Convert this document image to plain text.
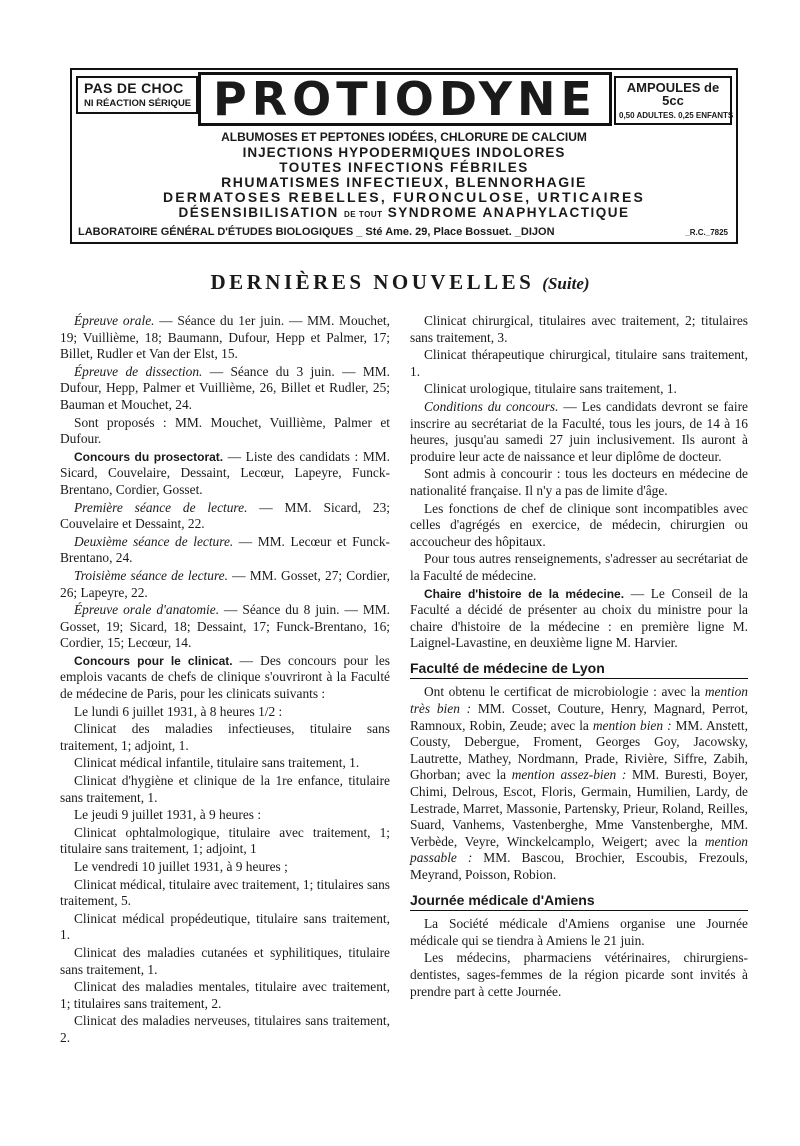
PAS DE CHOC
NI RÉACTION SÉRIQUE PROTIODYNE	AMPOULES de 5cc
0,50 ADULTES. 0,25 ENFANTS
ALBUMOSES ET PEPTONES IODÉES, CHLORURE DE CALCIUM
INJECTIONS HYPODERMIQUES INDOLORES
TOUTES INFECTIONS FÉBRILES
RHUMATISMES INFECTIEUX, BLENNORHAGIE
DERMATOSES REBELLES, FURONCULOSE, URTICAIRES
DÉSENSIBILISATION DE TOUT SYNDROME ANAPHYLACTIQUE
LABORATOIRE GÉNÉRAL D'ÉTUDES BIOLOGIQUES _ Sté Ame. 29, Place Bossuet. _DIJON	_R.C._7825
DERNIÈRES NOUVELLES (Suite)

Épreuve orale. — Séance du 1er juin. — MM. Mouchet, 19; Vuillième, 18; Baumann, Dufour, Hepp et Palmer, 17; Billet, Rudler et Van der Elst, 15.

Épreuve de dissection. — Séance du 3 juin. — MM. Dufour, Hepp, Palmer et Vuillième, 26, Billet et Rudler, 25; Bauman et Mouchet, 24.

Sont proposés : MM. Mouchet, Vuillième, Palmer et Dufour.

Concours du prosectorat. — Liste des candidats : MM. Sicard, Couvelaire, Dessaint, Lecœur, Lapeyre, Funck-Brentano, Cordier, Gosset.

Première séance de lecture. — MM. Sicard, 23; Couvelaire et Dessaint, 22.

Deuxième séance de lecture. — MM. Lecœur et Funck-Brentano, 24.

Troisième séance de lecture. — MM. Gosset, 27; Cordier, 26; Lapeyre, 22.

Épreuve orale d'anatomie. — Séance du 8 juin. — MM. Gosset, 19; Sicard, 18; Dessaint, 17; Funck-Brentano, 16; Cordier, 15; Lecœur, 14.

Concours pour le clinicat. — Des concours pour les emplois vacants de chefs de clinique s'ouvriront à la Faculté de médecine de Paris, pour les clinicats suivants :

Le lundi 6 juillet 1931, à 8 heures 1/2 :

Clinicat des maladies infectieuses, titulaire sans traitement, 1; adjoint, 1.

Clinicat médical infantile, titulaire sans traitement, 1.

Clinicat d'hygiène et clinique de la 1re enfance, titulaire sans traitement, 1.

Le jeudi 9 juillet 1931, à 9 heures :

Clinicat ophtalmologique, titulaire avec traitement, 1; titulaire sans traitement, 1; adjoint, 1

Le vendredi 10 juillet 1931, à 9 heures ;

Clinicat médical, titulaire avec traitement, 1; titulaires sans traitement, 5.

Clinicat médical propédeutique, titulaire sans traitement, 1.

Clinicat des maladies cutanées et syphilitiques, titulaire sans traitement, 1.

Clinicat des maladies mentales, titulaire avec traitement, 1; titulaires sans traitement, 2.

Clinicat des maladies nerveuses, titulaires sans traitement, 2.

Clinicat chirurgical, titulaires avec traitement, 2; titulaires sans traitement, 3.

Clinicat thérapeutique chirurgical, titulaire sans traitement, 1.

Clinicat urologique, titulaire sans traitement, 1.

Conditions du concours. — Les candidats devront se faire inscrire au secrétariat de la Faculté, tous les jours, de 14 à 16 heures, jusqu'au samedi 27 juin inclusivement. Ils auront à produire leur acte de naissance et leur diplôme de docteur.

Sont admis à concourir : tous les docteurs en médecine de nationalité française. Il n'y a pas de limite d'âge.

Les fonctions de chef de clinique sont incompatibles avec celles d'agrégés en exercice, de médecin, chirurgien ou accoucheur des hôpitaux.

Pour tous autres renseignements, s'adresser au secrétariat de la Faculté de médecine.

Chaire d'histoire de la médecine. — Le Conseil de la Faculté a décidé de présenter au choix du ministre pour la chaire d'histoire de la médecine : en première ligne M. Laignel-Lavastine, en deuxième ligne M. Harvier.

Faculté de médecine de Lyon

Ont obtenu le certificat de microbiologie : avec la mention très bien : MM. Cosset, Couture, Henry, Magnard, Perrot, Ramnoux, Robin, Zeude; avec la mention bien : MM. Anstett, Cousty, Debergue, Froment, Georges Goy, Jacowsky, Lautrette, Mathey, Nordmann, Prade, Rivière, Siffre, Zabih, Ghorban; avec la mention assez-bien : MM. Buresti, Boyer, Chimi, Delrous, Escot, Floris, Germain, Humilien, Lardy, de Lestrade, Marret, Massonie, Partensky, Prieur, Roland, Reilles, Suard, Vanhems, Vastenberghe, Mme Vanstenberghe, MM. Verbède, Veyre, Winckelcamplo, Weigert; avec la mention passable : MM. Bascou, Brochier, Escoubis, Frezouls, Meyrand, Poisson, Robion.

Journée médicale d'Amiens

La Société médicale d'Amiens organise une Journée médicale qui se tiendra à Amiens le 21 juin.

Les médecins, pharmaciens vétérinaires, chirurgiens-dentistes, sages-femmes de la région picarde sont invités à prendre part à cette Journée.
